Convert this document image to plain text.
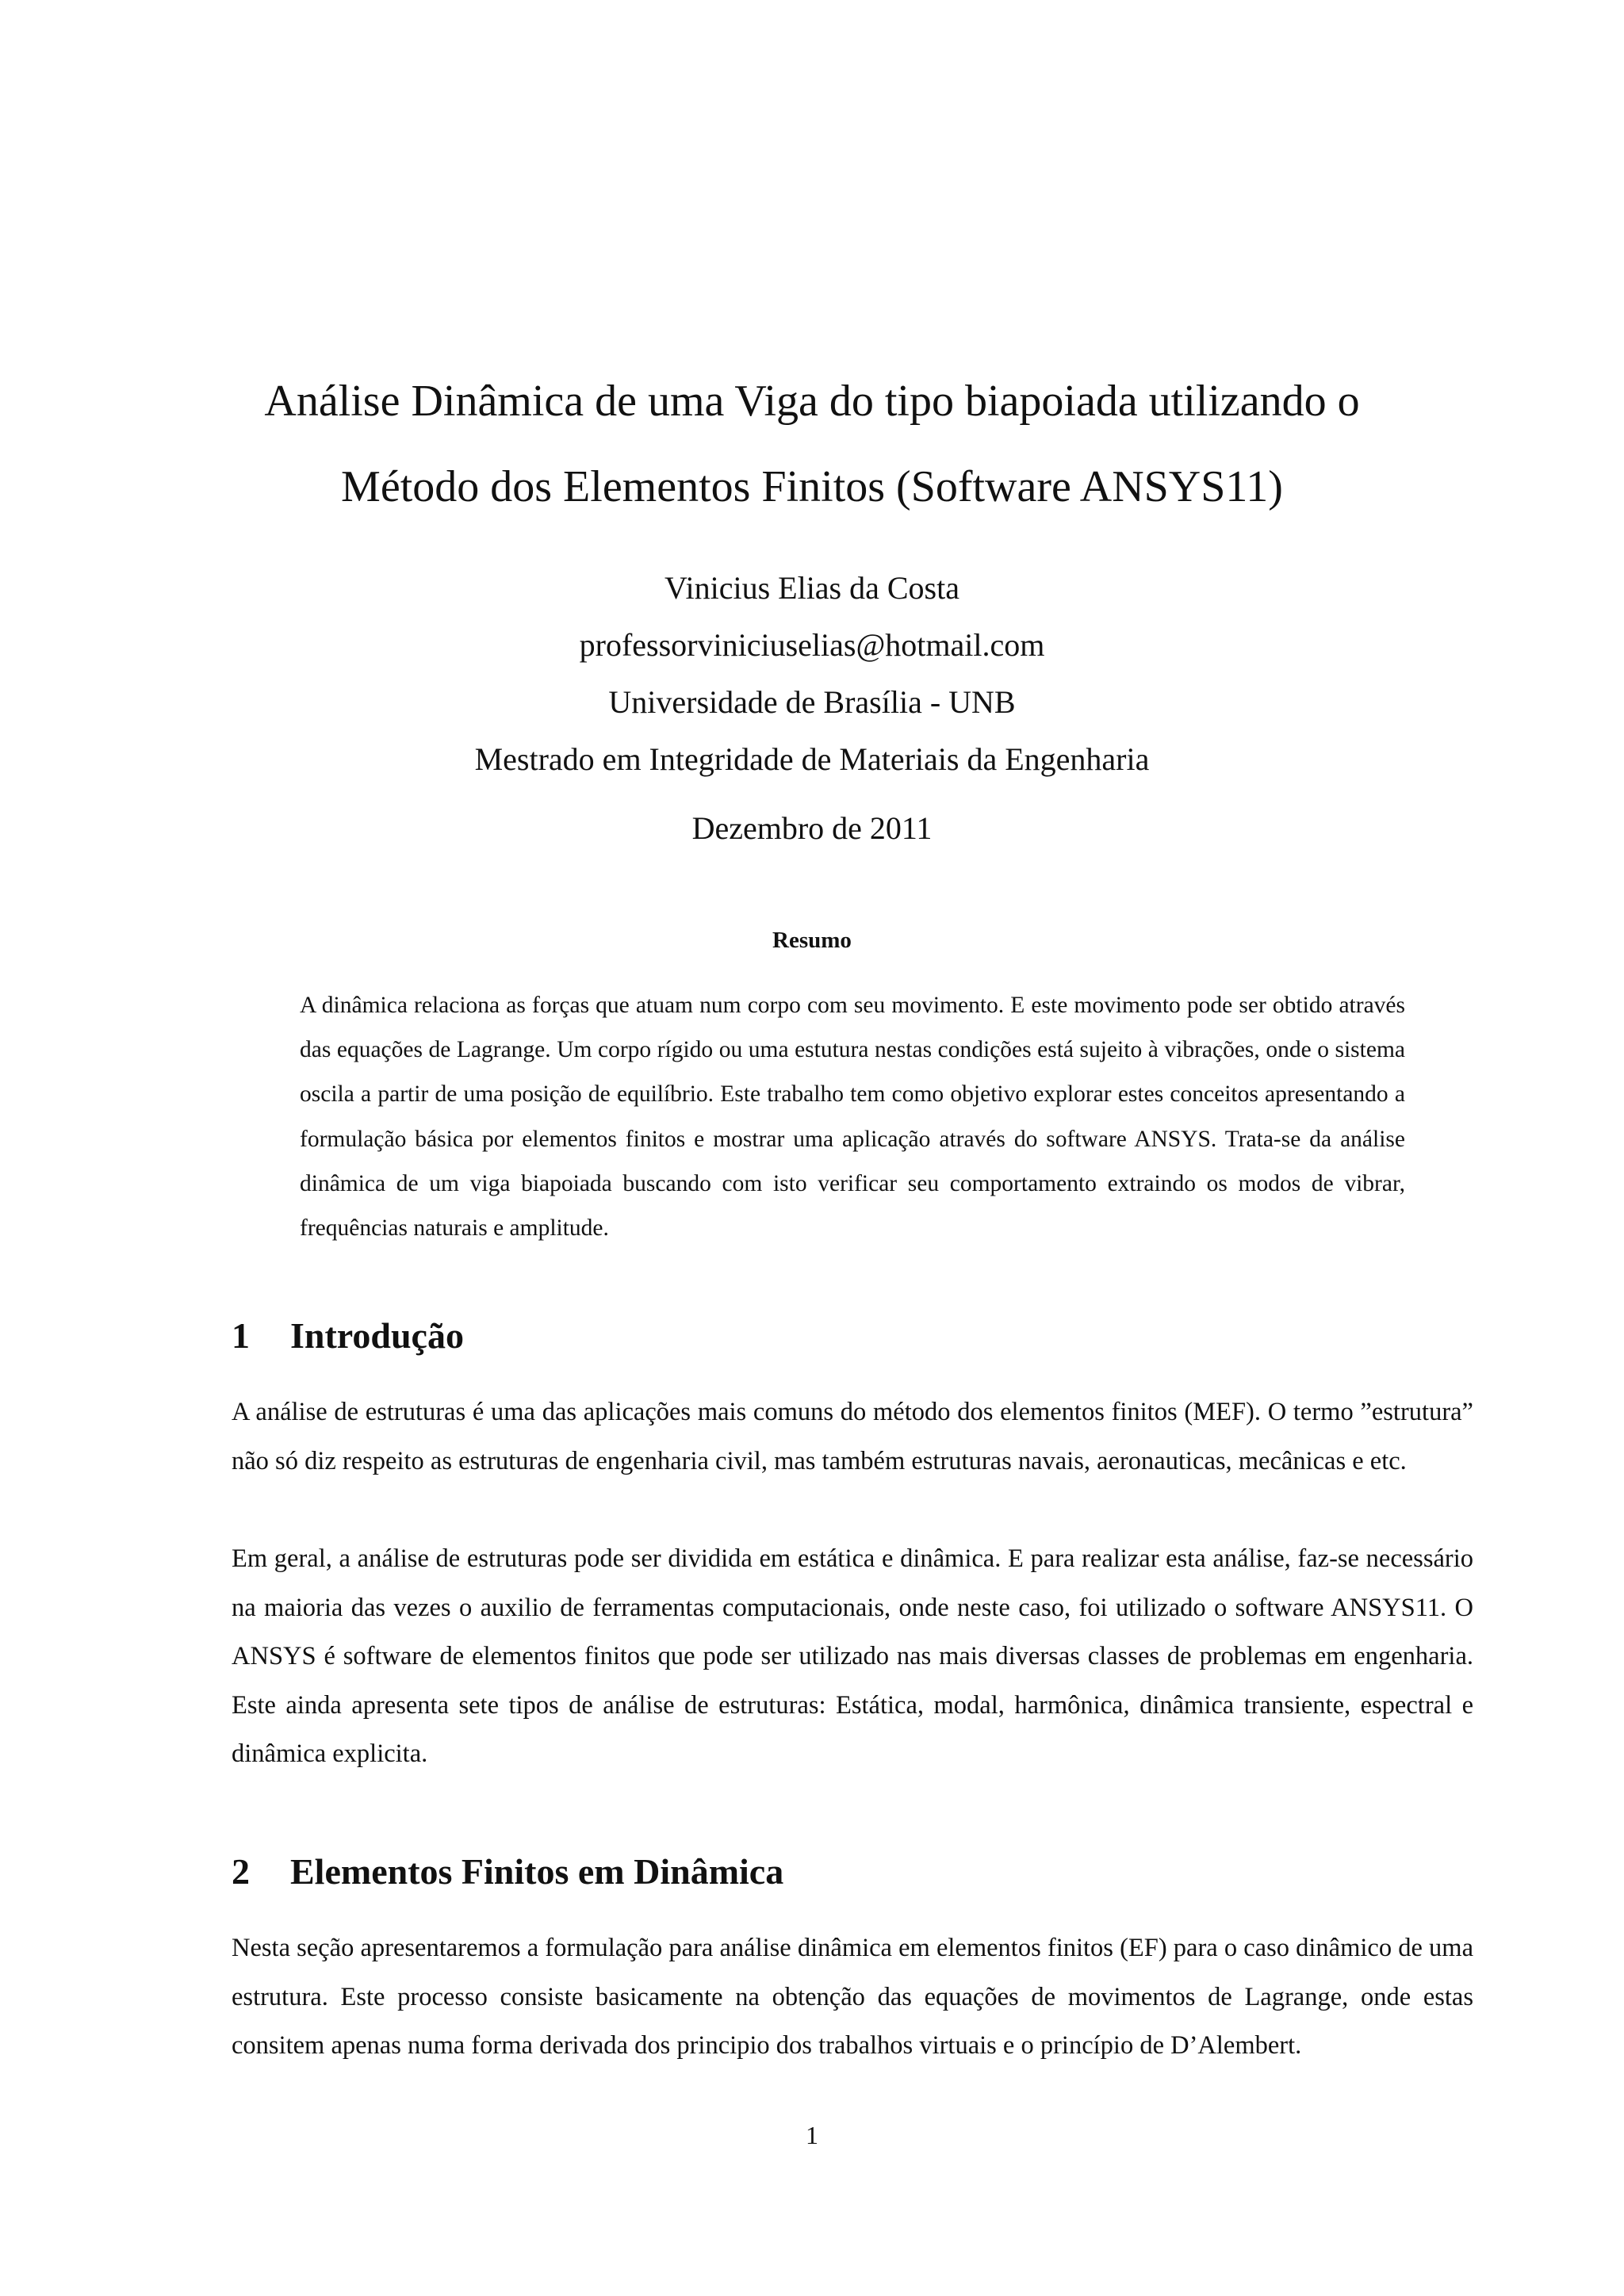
Análise Dinâmica de uma Viga do tipo biapoiada utilizando o
Método dos Elementos Finitos (Software ANSYS11)
Vinicius Elias da Costa
professorviniciuselias@hotmail.com
Universidade de Brasília - UNB
Mestrado em Integridade de Materiais da Engenharia
Dezembro de 2011
Resumo

A dinâmica relaciona as forças que atuam num corpo com seu movimento. E este movimento pode ser obtido através das equações de Lagrange. Um corpo rígido ou uma estutura nestas condições está sujeito à vibrações, onde o sistema oscila a partir de uma posição de equilíbrio. Este trabalho tem como objetivo explorar estes conceitos apresentando a formulação básica por elementos finitos e mostrar uma aplicação através do software ANSYS. Trata-se da análise dinâmica de um viga biapoiada buscando com isto verificar seu comportamento extraindo os modos de vibrar, frequências naturais e amplitude.

1 Introdução

A análise de estruturas é uma das aplicações mais comuns do método dos elementos finitos (MEF). O termo ”estrutura” não só diz respeito as estruturas de engenharia civil, mas também estruturas navais, aeronauticas, mecânicas e etc.

Em geral, a análise de estruturas pode ser dividida em estática e dinâmica. E para realizar esta análise, faz-se necessário na maioria das vezes o auxilio de ferramentas computacionais, onde neste caso, foi utilizado o software ANSYS11. O ANSYS é software de elementos finitos que pode ser utilizado nas mais diversas classes de problemas em engenharia. Este ainda apresenta sete tipos de análise de estruturas: Estática, modal, harmônica, dinâmica transiente, espectral e dinâmica explicita.

2 Elementos Finitos em Dinâmica

Nesta seção apresentaremos a formulação para análise dinâmica em elementos finitos (EF) para o caso dinâmico de uma estrutura. Este processo consiste basicamente na obtenção das equações de movimentos de Lagrange, onde estas consitem apenas numa forma derivada dos principio dos trabalhos virtuais e o princípio de D’Alembert.

1
